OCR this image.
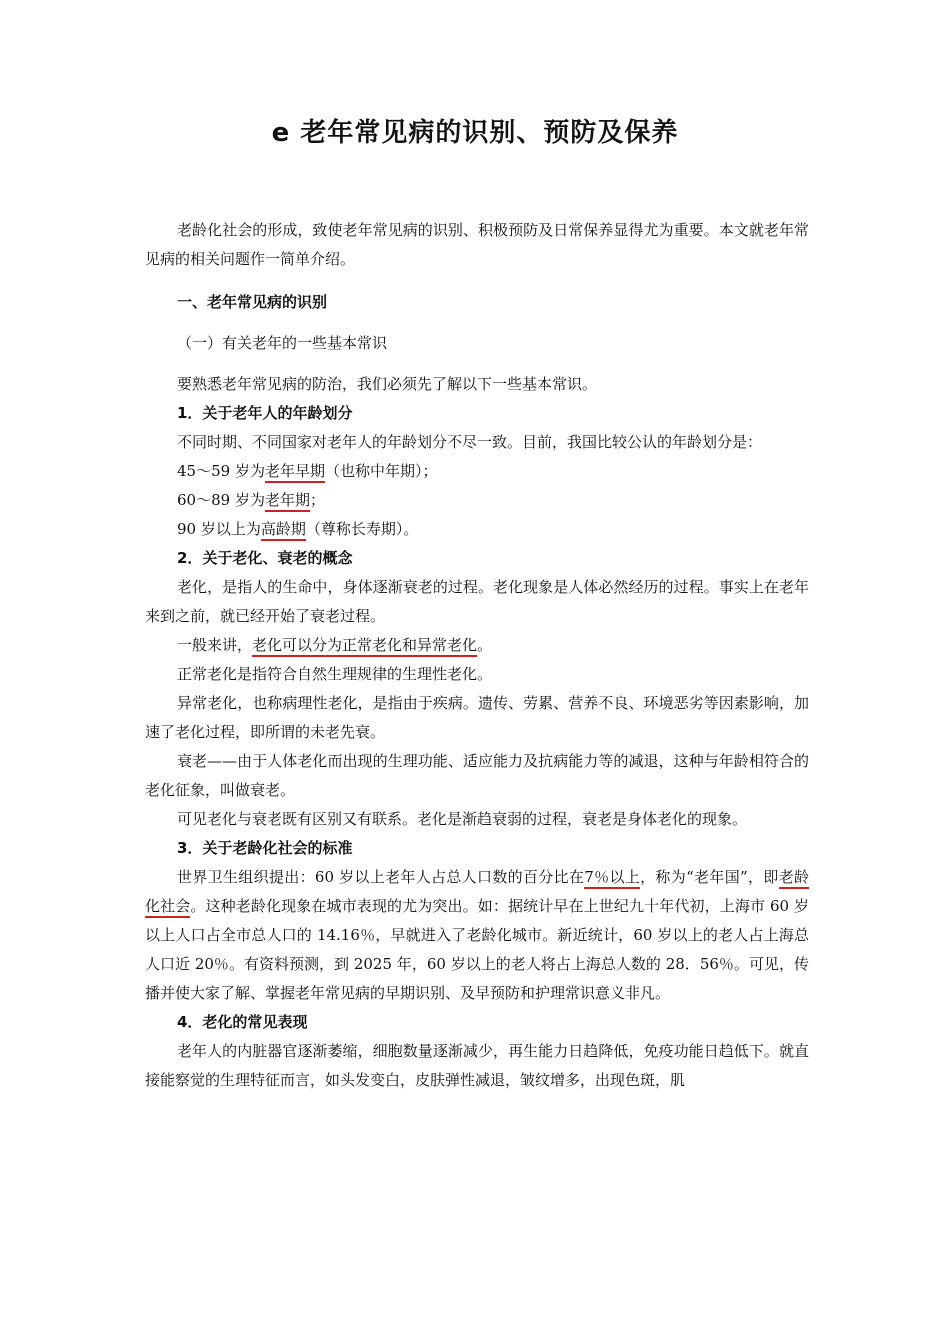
e 老年常见病的识别、预防及保养

老龄化社会的形成，致使老年常见病的识别、积极预防及日常保养显得尤为重要。本文就老年常见病的相关问题作一简单介绍。

一、老年常见病的识别

（一）有关老年的一些基本常识

要熟悉老年常见病的防治，我们必须先了解以下一些基本常识。

1．关于老年人的年龄划分

不同时期、不同国家对老年人的年龄划分不尽一致。目前，我国比较公认的年龄划分是：

45～59 岁为老年早期（也称中年期）；

60～89 岁为老年期；

90 岁以上为高龄期（尊称长寿期）。

2．关于老化、衰老的概念

老化，是指人的生命中，身体逐渐衰老的过程。老化现象是人体必然经历的过程。事实上在老年来到之前，就已经开始了衰老过程。

一般来讲，老化可以分为正常老化和异常老化。

正常老化是指符合自然生理规律的生理性老化。

异常老化，也称病理性老化，是指由于疾病。遗传、劳累、营养不良、环境恶劣等因素影响，加速了老化过程，即所谓的未老先衰。

衰老——由于人体老化而出现的生理功能、适应能力及抗病能力等的减退，这种与年龄相符合的老化征象，叫做衰老。

可见老化与衰老既有区别又有联系。老化是渐趋衰弱的过程，衰老是身体老化的现象。

3．关于老龄化社会的标准

世界卫生组织提出：60 岁以上老年人占总人口数的百分比在7％以上，称为“老年国”，即老龄化社会。这种老龄化现象在城市表现的尤为突出。如：据统计早在上世纪九十年代初，上海市 60 岁以上人口占全市总人口的 14.16％，早就进入了老龄化城市。新近统计，60 岁以上的老人占上海总人口近 20％。有资料预测，到 2025 年，60 岁以上的老人将占上海总人数的 28．56％。可见，传播并使大家了解、掌握老年常见病的早期识别、及早预防和护理常识意义非凡。

4．老化的常见表现

老年人的内脏器官逐渐萎缩，细胞数量逐渐减少，再生能力日趋降低，免疫功能日趋低下。就直接能察觉的生理特征而言，如头发变白，皮肤弹性减退，皱纹增多，出现色斑，肌
